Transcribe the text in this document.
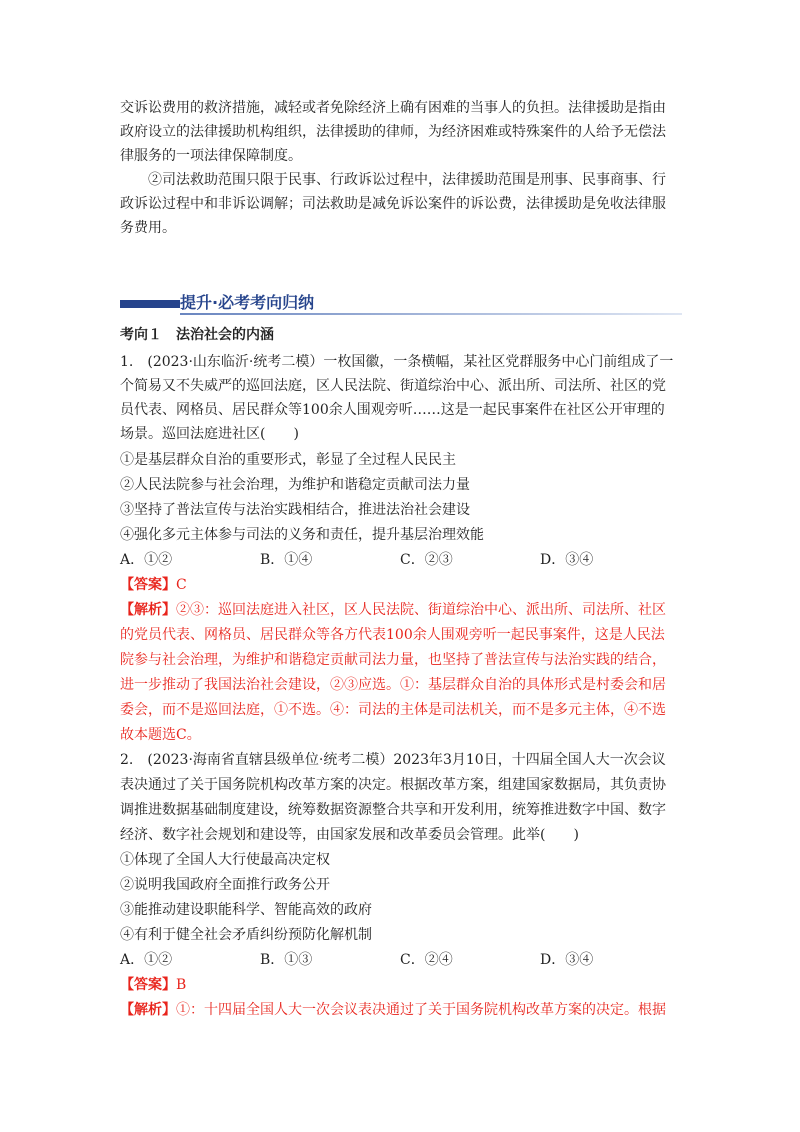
交诉讼费用的救济措施，减轻或者免除经济上确有困难的当事人的负担。法律援助是指由
政府设立的法律援助机构组织，法律援助的律师，为经济困难或特殊案件的人给予无偿法
律服务的一项法律保障制度。
②司法救助范围只限于民事、行政诉讼过程中，法律援助范围是刑事、民事商事、行
政诉讼过程中和非诉讼调解；司法救助是减免诉讼案件的诉讼费，法律援助是免收法律服
务费用。
提升·必考考向归纳
考向１　法治社会的内涵
1.　(2023·山东临沂·统考二模）一枚国徽，一条横幅，某社区党群服务中心门前组成了一
个简易又不失威严的巡回法庭，区人民法院、街道综治中心、派出所、司法所、社区的党
员代表、网格员、居民群众等100余人围观旁听……这是一起民事案件在社区公开审理的
场景。巡回法庭进社区(　　)
①是基层群众自治的重要形式，彰显了全过程人民民主
②人民法院参与社会治理，为维护和谐稳定贡献司法力量
③坚持了普法宣传与法治实践相结合，推进法治社会建设
④强化多元主体参与司法的义务和责任，提升基层治理效能
A．①②	B．①④	C．②③	D．③④
【答案】C
【解析】②③：巡回法庭进入社区，区人民法院、街道综治中心、派出所、司法所、社区
的党员代表、网格员、居民群众等各方代表100余人围观旁听一起民事案件，这是人民法
院参与社会治理，为维护和谐稳定贡献司法力量，也坚持了普法宣传与法治实践的结合，
进一步推动了我国法治社会建设，②③应选。①：基层群众自治的具体形式是村委会和居
委会，而不是巡回法庭，①不选。④：司法的主体是司法机关，而不是多元主体，④不选
故本题选C。
2.　(2023·海南省直辖县级单位·统考二模）2023年3月10日，十四届全国人大一次会议
表决通过了关于国务院机构改革方案的决定。根据改革方案，组建国家数据局，其负责协
调推进数据基础制度建设，统筹数据资源整合共享和开发利用，统筹推进数字中国、数字
经济、数字社会规划和建设等，由国家发展和改革委员会管理。此举(　　)
①体现了全国人大行使最高决定权
②说明我国政府全面推行政务公开
③能推动建设职能科学、智能高效的政府
④有利于健全社会矛盾纠纷预防化解机制
A．①②	B．①③	C．②④	D．③④
【答案】B
【解析】①：十四届全国人大一次会议表决通过了关于国务院机构改革方案的决定。根据
